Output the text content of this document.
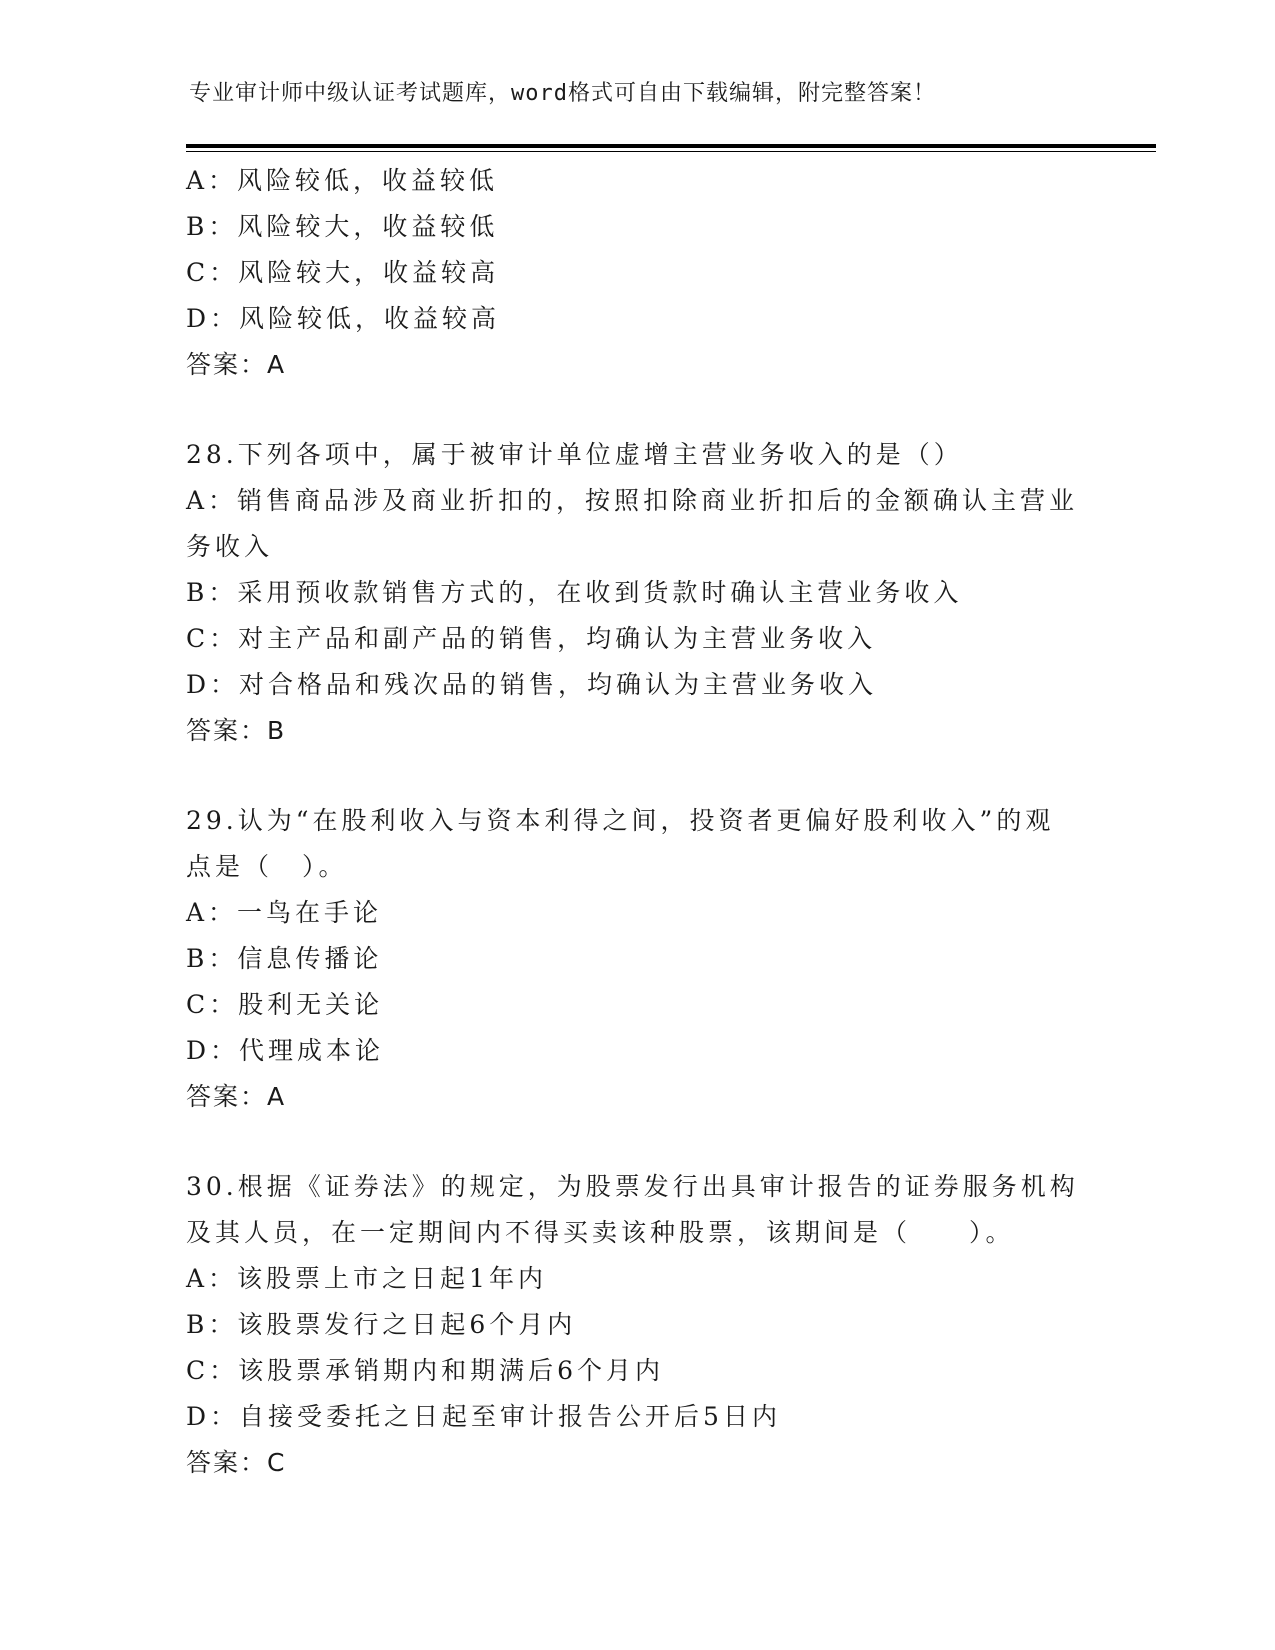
专业审计师中级认证考试题库，word格式可自由下载编辑，附完整答案！
A：风险较低，收益较低
B：风险较大，收益较低
C：风险较大，收益较高
D：风险较低，收益较高
答案：A
28.下列各项中，属于被审计单位虚增主营业务收入的是（）
A：销售商品涉及商业折扣的，按照扣除商业折扣后的金额确认主营业
务收入
B：采用预收款销售方式的，在收到货款时确认主营业务收入
C：对主产品和副产品的销售，均确认为主营业务收入
D：对合格品和残次品的销售，均确认为主营业务收入
答案：B
29.认为“在股利收入与资本利得之间，投资者更偏好股利收入”的观
点是（　）。
A：一鸟在手论
B：信息传播论
C：股利无关论
D：代理成本论
答案：A
30.根据《证券法》的规定，为股票发行出具审计报告的证券服务机构
及其人员，在一定期间内不得买卖该种股票，该期间是（　　）。
A：该股票上市之日起1年内
B：该股票发行之日起6个月内
C：该股票承销期内和期满后6个月内
D：自接受委托之日起至审计报告公开后5日内
答案：C
